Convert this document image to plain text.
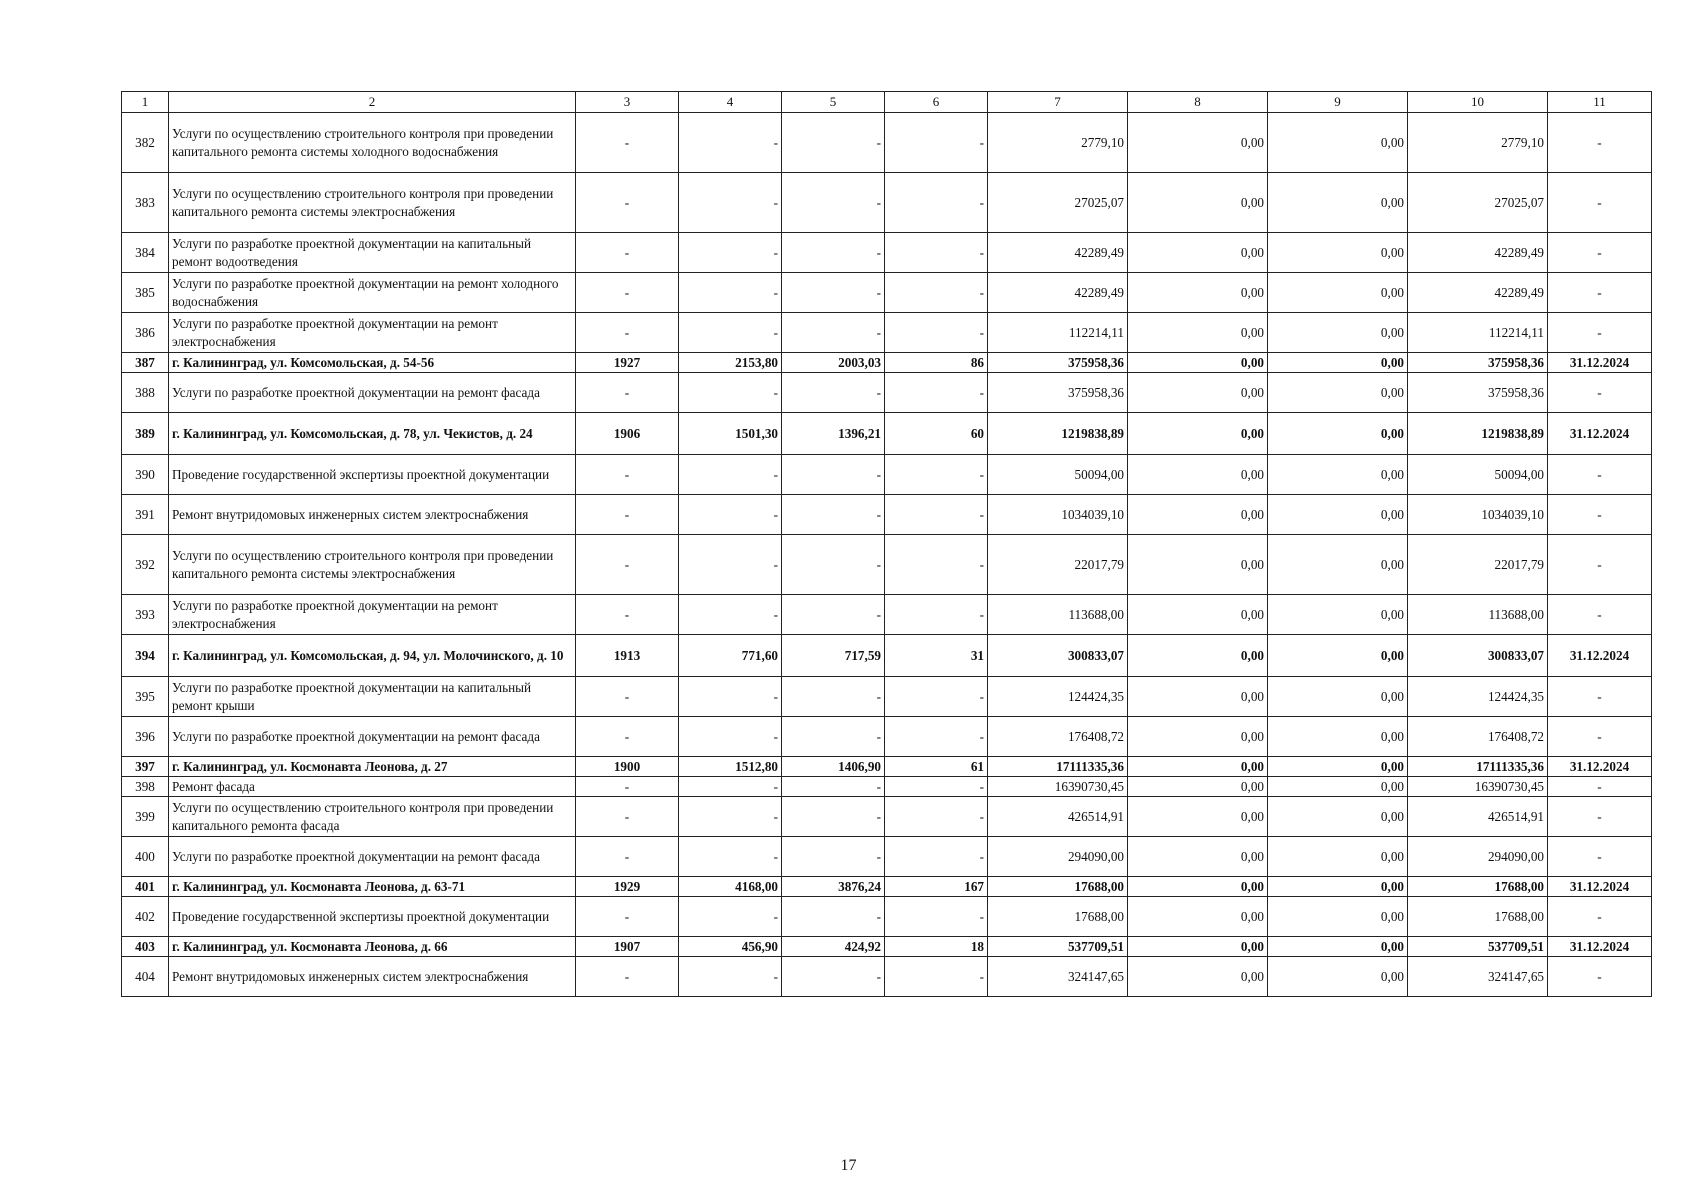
1	2	3	4	5	6	7	8	9	10	11
382	Услуги по осуществлению строительного контроля при проведении капитального ремонта системы холодного водоснабжения	-	-	-	-	2779,10	0,00	0,00	2779,10	-
383	Услуги по осуществлению строительного контроля при проведении капитального ремонта системы электроснабжения	-	-	-	-	27025,07	0,00	0,00	27025,07	-
384	Услуги по разработке проектной документации на капитальный ремонт водоотведения	-	-	-	-	42289,49	0,00	0,00	42289,49	-
385	Услуги по разработке проектной документации на ремонт холодного водоснабжения	-	-	-	-	42289,49	0,00	0,00	42289,49	-
386	Услуги по разработке проектной документации на ремонт электроснабжения	-	-	-	-	112214,11	0,00	0,00	112214,11	-
387	г. Калининград, ул. Комсомольская, д. 54-56	1927	2153,80	2003,03	86	375958,36	0,00	0,00	375958,36	31.12.2024
388	Услуги по разработке проектной документации на ремонт фасада	-	-	-	-	375958,36	0,00	0,00	375958,36	-
389	г. Калининград, ул. Комсомольская, д. 78, ул. Чекистов, д. 24	1906	1501,30	1396,21	60	1219838,89	0,00	0,00	1219838,89	31.12.2024
390	Проведение государственной экспертизы проектной документации	-	-	-	-	50094,00	0,00	0,00	50094,00	-
391	Ремонт внутридомовых инженерных систем электроснабжения	-	-	-	-	1034039,10	0,00	0,00	1034039,10	-
392	Услуги по осуществлению строительного контроля при проведении капитального ремонта системы электроснабжения	-	-	-	-	22017,79	0,00	0,00	22017,79	-
393	Услуги по разработке проектной документации на ремонт электроснабжения	-	-	-	-	113688,00	0,00	0,00	113688,00	-
394	г. Калининград, ул. Комсомольская, д. 94, ул. Молочинского, д. 10	1913	771,60	717,59	31	300833,07	0,00	0,00	300833,07	31.12.2024
395	Услуги по разработке проектной документации на капитальный ремонт крыши	-	-	-	-	124424,35	0,00	0,00	124424,35	-
396	Услуги по разработке проектной документации на ремонт фасада	-	-	-	-	176408,72	0,00	0,00	176408,72	-
397	г. Калининград, ул. Космонавта Леонова, д. 27	1900	1512,80	1406,90	61	17111335,36	0,00	0,00	17111335,36	31.12.2024
398	Ремонт фасада	-	-	-	-	16390730,45	0,00	0,00	16390730,45	-
399	Услуги по осуществлению строительного контроля при проведении капитального ремонта фасада	-	-	-	-	426514,91	0,00	0,00	426514,91	-
400	Услуги по разработке проектной документации на ремонт фасада	-	-	-	-	294090,00	0,00	0,00	294090,00	-
401	г. Калининград, ул. Космонавта Леонова, д. 63-71	1929	4168,00	3876,24	167	17688,00	0,00	0,00	17688,00	31.12.2024
402	Проведение государственной экспертизы проектной документации	-	-	-	-	17688,00	0,00	0,00	17688,00	-
403	г. Калининград, ул. Космонавта Леонова, д. 66	1907	456,90	424,92	18	537709,51	0,00	0,00	537709,51	31.12.2024
404	Ремонт внутридомовых инженерных систем электроснабжения	-	-	-	-	324147,65	0,00	0,00	324147,65	-
17
